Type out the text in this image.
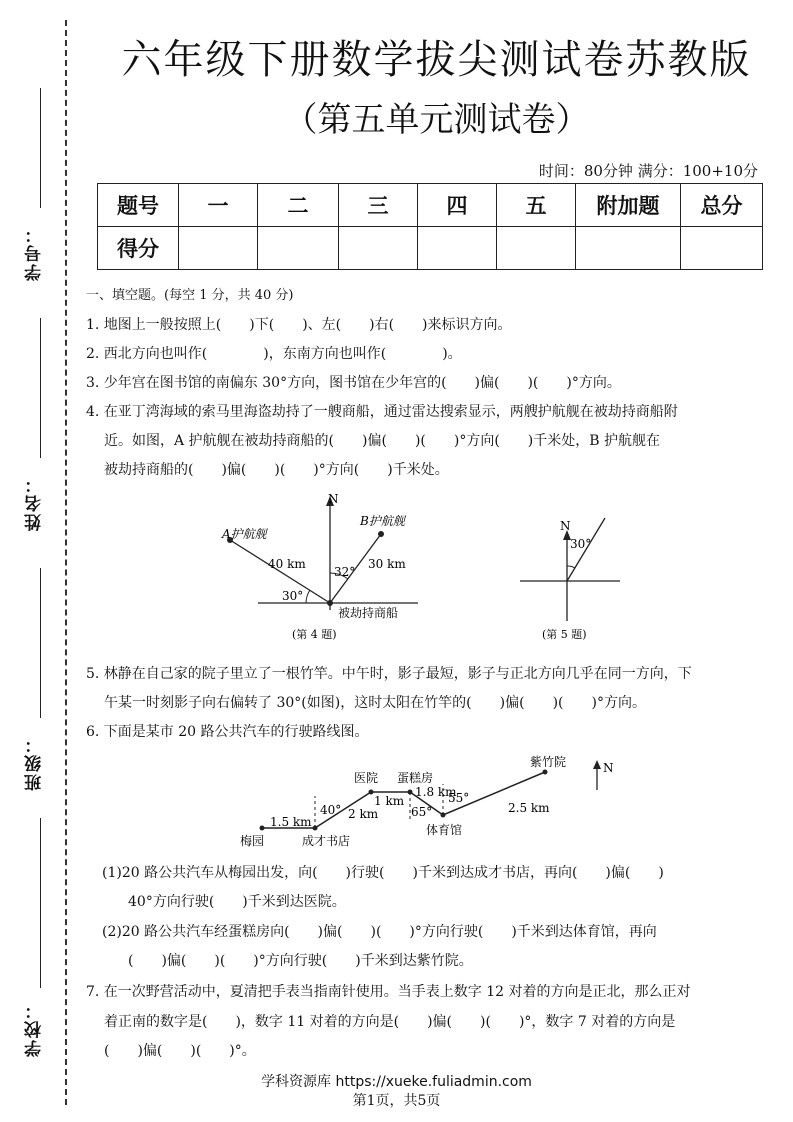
学号：
姓名：
班级：
学校：
六年级下册数学拔尖测试卷苏教版
（第五单元测试卷）
时间：80分钟 满分：100+10分
题号	一	二	三	四	五	附加题	总分
得分							
一、填空题。(每空 1 分，共 40 分)
1. 地图上一般按照上(　　)下(　　)、左(　　)右(　　)来标识方向。
2. 西北方向也叫作(　　　　)，东南方向也叫作(　　　　)。
3. 少年宫在图书馆的南偏东 30°方向，图书馆在少年宫的(　　)偏(　　)(　　)°方向。
4. 在亚丁湾海域的索马里海盗劫持了一艘商船，通过雷达搜索显示，两艘护航舰在被劫持商船附
近。如图，A 护航舰在被劫持商船的(　　)偏(　　)(　　)°方向(　　)千米处，B 护航舰在
被劫持商船的(　　)偏(　　)(　　)°方向(　　)千米处。
N
A护航舰
B护航舰
40 km	30 km
32°
30°
被劫持商船
(第 4 题)
N
30°
(第 5 题)
5. 林静在自己家的院子里立了一根竹竿。中午时，影子最短，影子与正北方向几乎在同一方向，下
午某一时刻影子向右偏转了 30°(如图)，这时太阳在竹竿的(　　)偏(　　)(　　)°方向。
6. 下面是某市 20 路公共汽车的行驶路线图。
N
梅园	成才书店
医院 蛋糕房
体育馆
紫竹院
1.5 km
2 km
1 km
1.8 km
2.5 km
40°	65°
55°
(1)20 路公共汽车从梅园出发，向(　　)行驶(　　)千米到达成才书店，再向(　　)偏(　　)
40°方向行驶(　　)千米到达医院。
(2)20 路公共汽车经蛋糕房向(　　)偏(　　)(　　)°方向行驶(　　)千米到达体育馆，再向
(　　)偏(　　)(　　)°方向行驶(　　)千米到达紫竹院。
7. 在一次野营活动中，夏清把手表当指南针使用。当手表上数字 12 对着的方向是正北，那么正对
着正南的数字是(　　)，数字 11 对着的方向是(　　)偏(　　)(　　)°，数字 7 对着的方向是
(　　)偏(　　)(　　)°。
学科资源库 https://xueke.fuliadmin.com
第1页，共5页
